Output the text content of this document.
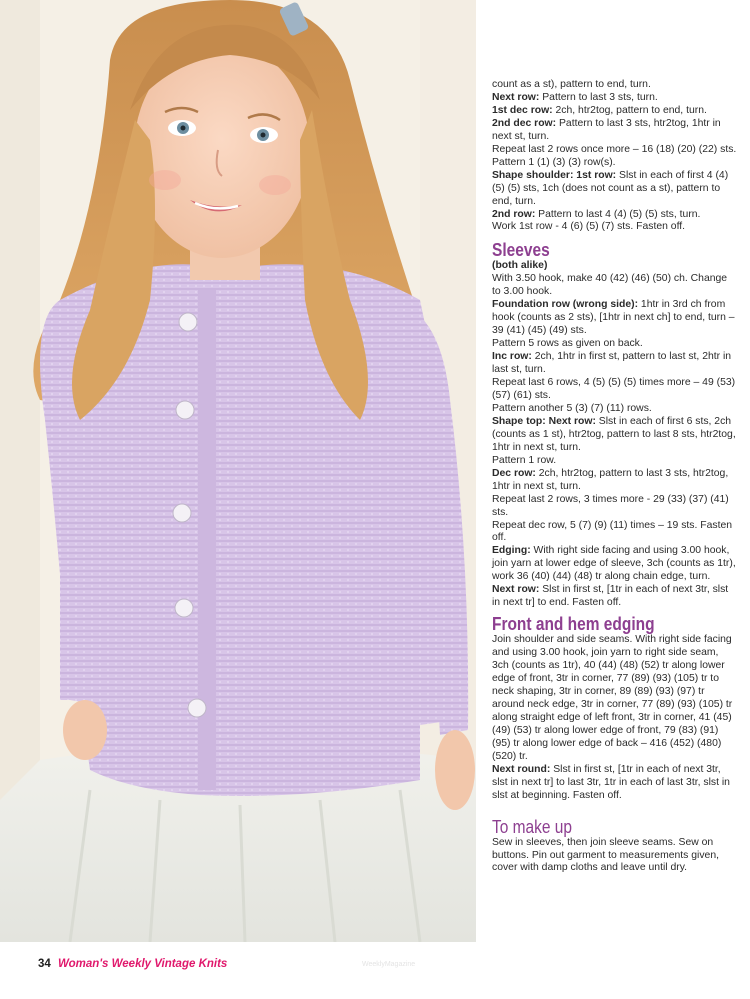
count as a st), pattern to end, turn.

Next row: Pattern to last 3 sts, turn.

1st dec row: 2ch, htr2tog, pattern to end, turn.

2nd dec row: Pattern to last 3 sts, htr2tog, 1htr in next st, turn.

Repeat last 2 rows once more – 16 (18) (20) (22) sts.

Pattern 1 (1) (3) (3) row(s).

Shape shoulder: 1st row: Slst in each of first 4 (4) (5) (5) sts, 1ch (does not count as a st), pattern to end, turn.

2nd row: Pattern to last 4 (4) (5) (5) sts, turn.

Work 1st row - 4 (6) (5) (7) sts. Fasten off.

Sleeves

(both alike)

With 3.50 hook, make 40 (42) (46) (50) ch. Change to 3.00 hook.

Foundation row (wrong side): 1htr in 3rd ch from hook (counts as 2 sts), [1htr in next ch] to end, turn – 39 (41) (45) (49) sts.

Pattern 5 rows as given on back.

Inc row: 2ch, 1htr in first st, pattern to last st, 2htr in last st, turn.

Repeat last 6 rows, 4 (5) (5) (5) times more – 49 (53) (57) (61) sts.

Pattern another 5 (3) (7) (11) rows.

Shape top: Next row: Slst in each of first 6 sts, 2ch (counts as 1 st), htr2tog, pattern to last 8 sts, htr2tog, 1htr in next st, turn.

Pattern 1 row.

Dec row: 2ch, htr2tog, pattern to last 3 sts, htr2tog, 1htr in next st, turn.

Repeat last 2 rows, 3 times more - 29 (33) (37) (41) sts.

Repeat dec row, 5 (7) (9) (11) times – 19 sts. Fasten off.

Edging: With right side facing and using 3.00 hook, join yarn at lower edge of sleeve, 3ch (counts as 1tr), work 36 (40) (44) (48) tr along chain edge, turn.

Next row: Slst in first st, [1tr in each of next 3tr, slst in next tr] to end. Fasten off.

Front and hem edging

Join shoulder and side seams. With right side facing and using 3.00 hook, join yarn to right side seam, 3ch (counts as 1tr), 40 (44) (48) (52) tr along lower edge of front, 3tr in corner, 77 (89) (93) (105) tr to neck shaping, 3tr in corner, 89 (89) (93) (97) tr around neck edge, 3tr in corner, 77 (89) (93) (105) tr along straight edge of left front, 3tr in corner, 41 (45) (49) (53) tr along lower edge of front, 79 (83) (91) (95) tr along lower edge of back – 416 (452) (480) (520) tr.

Next round: Slst in first st, [1tr in each of next 3tr, slst in next tr] to last 3tr, 1tr in each of last 3tr, slst in slst at beginning. Fasten off.

To make up

Sew in sleeves, then join sleeve seams. Sew on buttons. Pin out garment to measurements given, cover with damp cloths and leave until dry.

34 Woman's Weekly Vintage Knits	WeeklyMagazine
